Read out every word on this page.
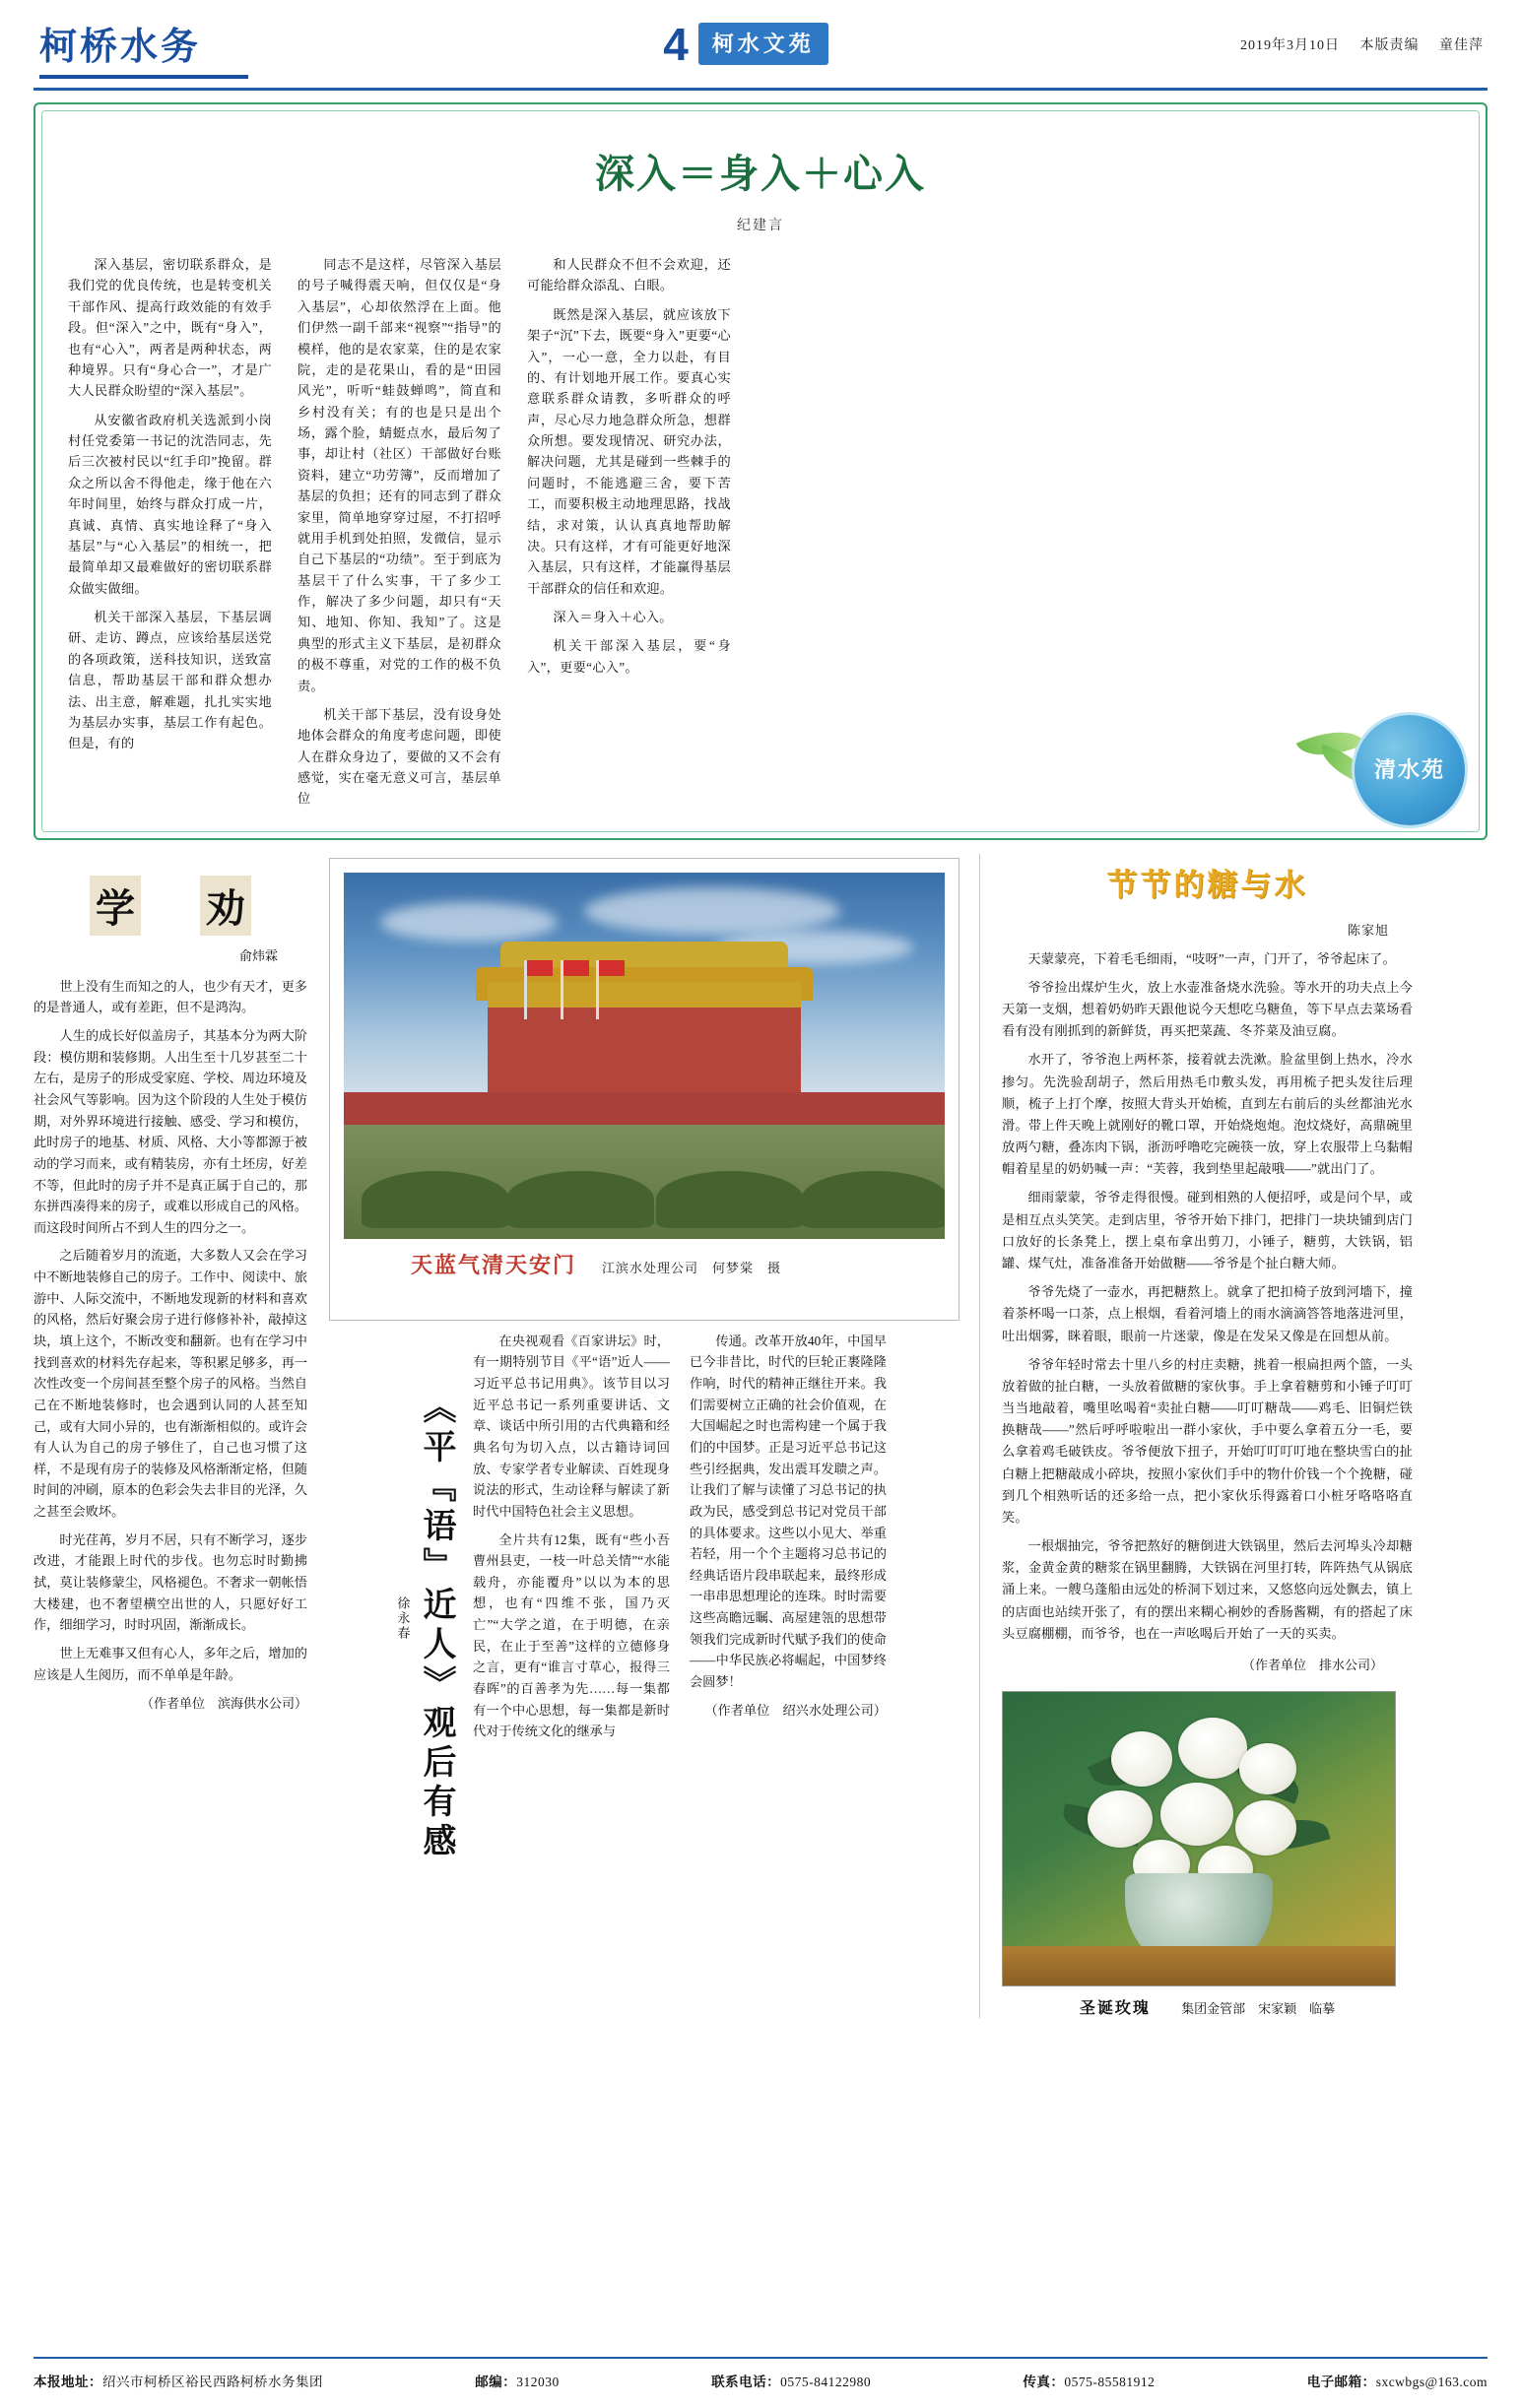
柯桥水务	4	柯水文苑	2019年3月10日 本版责编 童佳萍
深入＝身入＋心入
纪建言

深入基层，密切联系群众，是我们党的优良传统，也是转变机关干部作风、提高行政效能的有效手段。但“深入”之中，既有“身入”，也有“心入”，两者是两种状态，两种境界。只有“身心合一”，才是广大人民群众盼望的“深入基层”。

从安徽省政府机关选派到小岗村任党委第一书记的沈浩同志，先后三次被村民以“红手印”挽留。群众之所以舍不得他走，缘于他在六年时间里，始终与群众打成一片，真诚、真情、真实地诠释了“身入基层”与“心入基层”的相统一，把最简单却又最难做好的密切联系群众做实做细。

机关干部深入基层，下基层调研、走访、蹲点，应该给基层送党的各项政策，送科技知识，送致富信息，帮助基层干部和群众想办法、出主意，解难题，扎扎实实地为基层办实事，基层工作有起色。但是，有的

同志不是这样，尽管深入基层的号子喊得震天响，但仅仅是“身入基层”，心却依然浮在上面。他们伊然一副千部来“视察”“指导”的模样，他的是农家菜，住的是农家院，走的是花果山，看的是“田园风光”，听听“蛙鼓蝉鸣”，简直和乡村没有关；有的也是只是出个场，露个脸，蜻蜓点水，最后匆了事，却让村（社区）干部做好台账资料，建立“功劳簿”，反而增加了基层的负担；还有的同志到了群众家里，简单地穿穿过屋，不打招呼就用手机到处拍照，发微信，显示自己下基层的“功绩”。至于到底为基层干了什么实事，干了多少工作，解决了多少问题，却只有“天知、地知、你知、我知”了。这是典型的形式主义下基层，是初群众的极不尊重，对党的工作的极不负责。

机关干部下基层，没有设身处地体会群众的角度考虑问题，即使人在群众身边了，要做的又不会有感觉，实在毫无意义可言，基层单位

和人民群众不但不会欢迎，还可能给群众添乱、白眼。

既然是深入基层，就应该放下架子“沉”下去，既要“身入”更要“心入”，一心一意，全力以赴，有目的、有计划地开展工作。要真心实意联系群众请教，多听群众的呼声，尽心尽力地急群众所急，想群众所想。要发现情况、研究办法，解决问题，尤其是碰到一些棘手的问题时，不能逃避三舍，要下苦工，而要积极主动地理思路，找战结，求对策，认认真真地帮助解决。只有这样，才有可能更好地深入基层，只有这样，才能赢得基层干部群众的信任和欢迎。

深入＝身入＋心入。

机关干部深入基层，要“身入”，更要“心入”。

清水苑
学 劝
俞炜霖

世上没有生而知之的人，也少有天才，更多的是普通人，或有差距，但不是鸿沟。

人生的成长好似盖房子，其基本分为两大阶段：模仿期和装修期。人出生至十几岁甚至二十左右，是房子的形成受家庭、学校、周边环境及社会风气等影响。因为这个阶段的人生处于模仿期，对外界环境进行接触、感受、学习和模仿，此时房子的地基、材质、风格、大小等都源于被动的学习而来，或有精装房，亦有土坯房，好差不等，但此时的房子并不是真正属于自己的，那东拼西凑得来的房子，或难以形成自己的风格。而这段时间所占不到人生的四分之一。

之后随着岁月的流逝，大多数人又会在学习中不断地装修自己的房子。工作中、阅读中、旅游中、人际交流中，不断地发现新的材料和喜欢的风格，然后好聚会房子进行修修补补，敲掉这块，填上这个，不断改变和翻新。也有在学习中找到喜欢的材料先存起来，等积累足够多，再一次性改变一个房间甚至整个房子的风格。当然自己在不断地装修时，也会遇到认同的人甚至知己，或有大同小异的，也有渐渐相似的。或许会有人认为自己的房子够住了，自己也习惯了这样，不是现有房子的装修及风格渐渐定格，但随时间的冲刷，原本的色彩会失去非目的光泽，久之甚至会败坏。

时光荏苒，岁月不居，只有不断学习，逐步改进，才能跟上时代的步伐。也勿忘时时勤拂拭，莫让装修蒙尘，风格褪色。不奢求一朝帐悟大楼建，也不奢望横空出世的人，只愿好好工作，细细学习，时时巩固，渐渐成长。

世上无难事又但有心人，多年之后，增加的应该是人生阅历，而不单单是年龄。

（作者单位　滨海供水公司）
天蓝气清天安门 江滨水处理公司　何梦棠　摄
《平『语』近人》观后有感
徐永春

在央视观看《百家讲坛》时，有一期特别节目《平“语”近人——习近平总书记用典》。该节目以习近平总书记一系列重要讲话、文章、谈话中所引用的古代典籍和经典名句为切入点，以古籍诗词回放、专家学者专业解读、百姓现身说法的形式，生动诠释与解读了新时代中国特色社会主义思想。

全片共有12集，既有“些小吾曹州县吏，一枝一叶总关情”“水能载舟，亦能覆舟”以以为本的思想，也有“四维不张，国乃灭亡”“大学之道，在于明德，在亲民，在止于至善”这样的立德修身之言，更有“谁言寸草心，报得三春晖”的百善孝为先……每一集都有一个中心思想，每一集都是新时代对于传统文化的继承与

传通。改革开放40年，中国早已今非昔比，时代的巨轮正裹隆隆作响，时代的精神正继往开来。我们需要树立正确的社会价值观，在大国崛起之时也需构建一个属于我们的中国梦。正是习近平总书记这些引经据典，发出震耳发聩之声。让我们了解与读懂了习总书记的执政为民，感受到总书记对党员干部的具体要求。这些以小见大、举重若轻，用一个个主题将习总书记的经典话语片段串联起来，最终形成一串串思想理论的连珠。时时需要这些高瞻远瞩、高屋建瓴的思想带领我们完成新时代赋予我们的使命——中华民族必将崛起，中国梦终会圆梦！

（作者单位　绍兴水处理公司）

节节的糖与水
陈家旭

天蒙蒙亮，下着毛毛细雨，“吱呀”一声，门开了，爷爷起床了。

爷爷捡出煤炉生火，放上水壶准备烧水洗验。等水开的功夫点上今天第一支烟，想着奶奶昨天跟他说今天想吃乌糖鱼，等下早点去菜场看看有没有刚抓到的新鲜货，再买把菜蔬、冬芥菜及油豆腐。

水开了，爷爷泡上两杯茶，接着就去洗漱。脸盆里倒上热水，冷水掺匀。先洗验刮胡子，然后用热毛巾敷头发，再用梳子把头发往后理顺，梳子上打个摩，按照大背头开始梳，直到左右前后的头丝都油光水滑。带上件天晚上就刚好的靴口罩，开始烧炮炮。泡炆烧好，高鼎碗里放两勺糖，叠冻肉下锅，浙沥呼噜吃完碗筷一放，穿上农服带上乌黏帽帽着星星的奶奶喊一声：“芙蓉，我到垫里起敲哦——”就出门了。

细雨蒙蒙，爷爷走得很慢。碰到相熟的人便招呼，或是问个早，或是相互点头笑笑。走到店里，爷爷开始下排门，把排门一块块铺到店门口放好的长条凳上，摆上桌布拿出剪刀，小锤子，糖剪，大铁锅，铝罐、煤气灶，准备准备开始做糖——爷爷是个扯白糖大师。

爷爷先烧了一壶水，再把糖熬上。就拿了把扣椅子放到河墻下，撞着茶杯喝一口茶，点上根烟，看着河墻上的雨水滴滴答答地落进河里，吐出烟雾，眯着眼，眼前一片迷蒙，像是在发呆又像是在回想从前。

爷爷年轻时常去十里八乡的村庄卖糖，挑着一根扁担两个篮，一头放着做的扯白糖，一头放着做糖的家伙事。手上拿着糖剪和小锤子叮叮当当地敲着，嘴里吆喝着“卖扯白糖——叮叮糖哉——鸡毛、旧铜烂铁换糖哉——”然后呼呼啦啦出一群小家伙，手中要么拿着五分一毛，要么拿着鸡毛破铁皮。爷爷便放下扭子，开始叮叮叮叮地在整块雪白的扯白糖上把糖敲成小碎块，按照小家伙们手中的物什价钱一个个挽糖，碰到几个相熟听话的还多给一点，把小家伙乐得露着口小桩牙咯咯咯直笑。

一根烟抽完，爷爷把熬好的糖倒进大铁锅里，然后去河埠头冷却糖浆，金黄金黄的糖浆在锅里翻腾，大铁锅在河里打转，阵阵热气从锅底涌上来。一艘乌蓬船由远处的桥洞下划过来，又悠悠向远处飘去，镇上的店面也站续开张了，有的摆出来糊心裥妙的香肠酱糊，有的搭起了床头豆腐棚棚，而爷爷，也在一声吆喝后开始了一天的买卖。

（作者单位　排水公司）
圣诞玫瑰 集团金管部　宋家颖　临摹
本报地址：绍兴市柯桥区裕民西路柯桥水务集团	邮编：312030	联系电话：0575-84122980	传真：0575-85581912	电子邮箱：sxcwbgs@163.com
